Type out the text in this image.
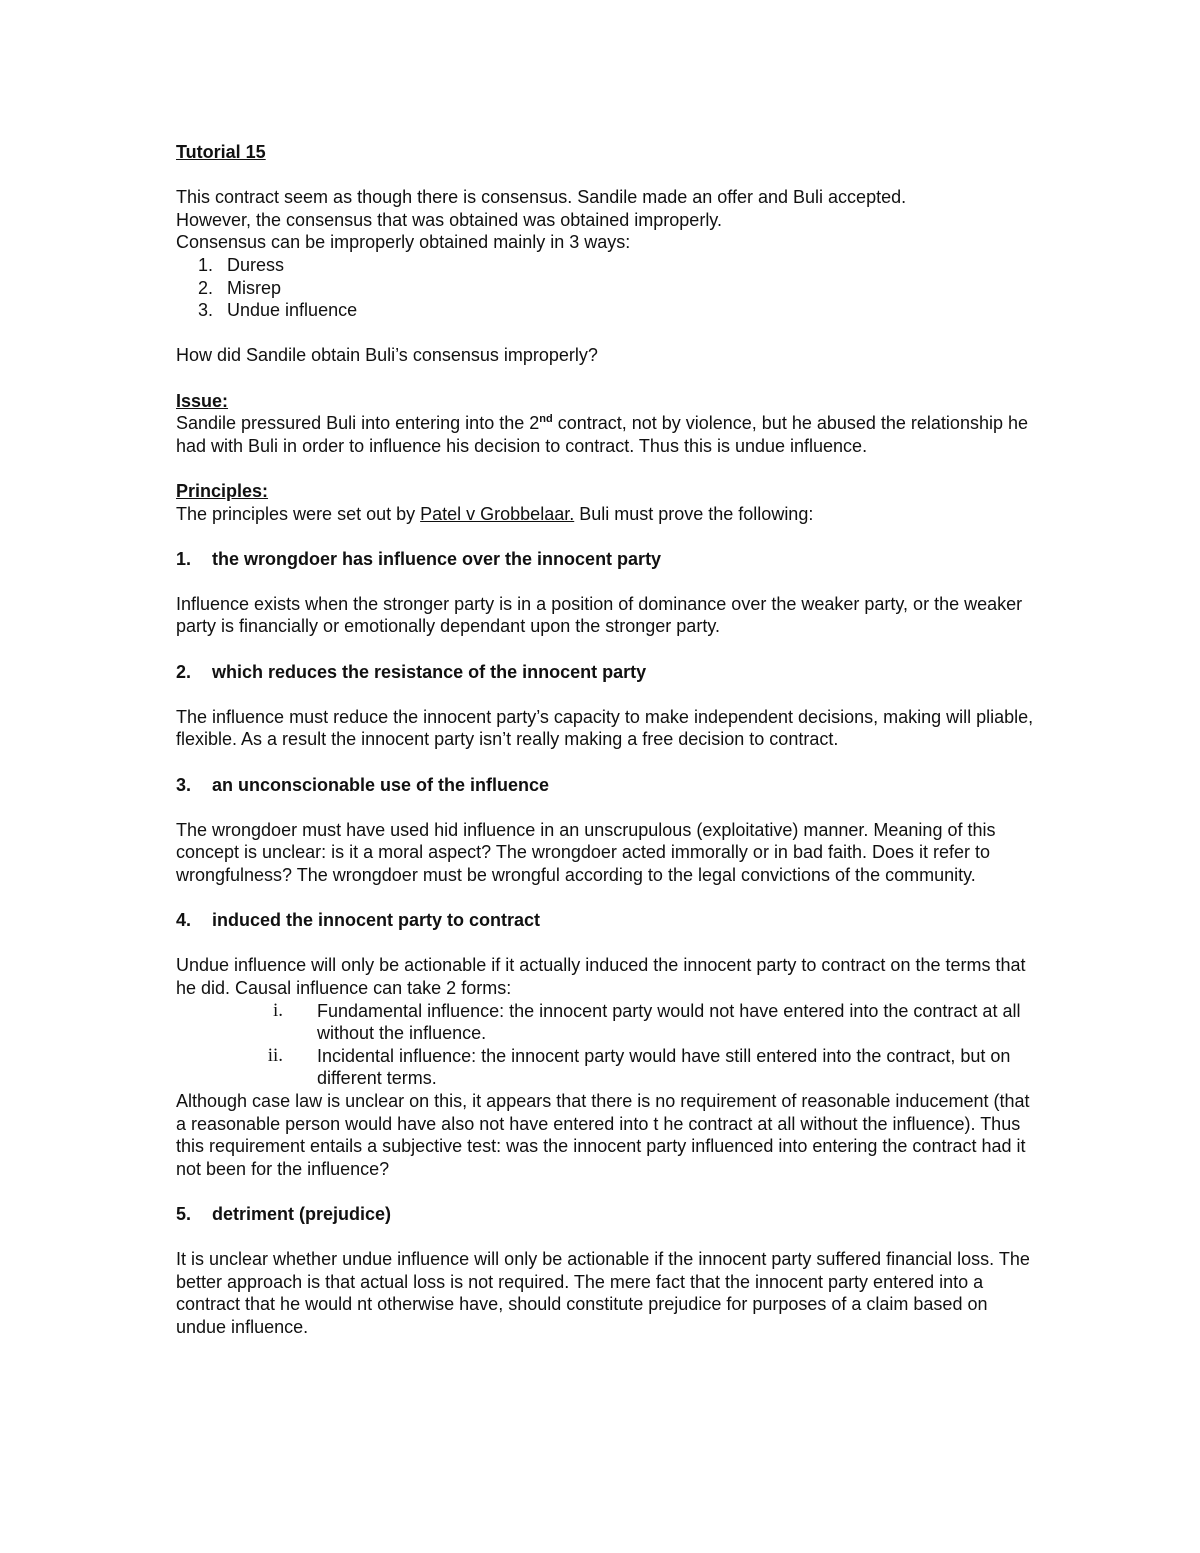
Tutorial 15

This contract seem as though there is consensus. Sandile made an offer and Buli accepted.

However, the consensus that was obtained was obtained improperly.

Consensus can be improperly obtained mainly in 3 ways:

1. Duress
2. Misrep
3. Undue influence

How did Sandile obtain Buli’s consensus improperly?

Issue:

Sandile pressured Buli into entering into the 2nd contract, not by violence, but he abused the relationship he had with Buli in order to influence his decision to contract. Thus this is undue influence.

Principles:

The principles were set out by Patel v Grobbelaar. Buli must prove the following:

1.	the wrongdoer has influence over the innocent party

Influence exists when the stronger party is in a position of dominance over the weaker party, or the weaker party is financially or emotionally dependant upon the stronger party.

2.	which reduces the resistance of the innocent party

The influence must reduce the innocent party’s capacity to make independent decisions, making will pliable, flexible. As a result the innocent party isn’t really making a free decision to contract.

3.	an unconscionable use of the influence

The wrongdoer must have used hid influence in an unscrupulous (exploitative) manner. Meaning of this concept is unclear: is it a moral aspect? The wrongdoer acted immorally or in bad faith. Does it refer to wrongfulness? The wrongdoer must be wrongful according to the legal convictions of the community.

4.	induced the innocent party to contract

Undue influence will only be actionable if it actually induced the innocent party to contract on the terms that he did. Causal influence can take 2 forms:

i.	Fundamental influence: the innocent party would not have entered into the contract at all without the influence.
ii.	Incidental influence: the innocent party would have still entered into the contract, but on different terms.

Although case law is unclear on this, it appears that there is no requirement of reasonable inducement (that a reasonable person would have also not have entered into t he contract at all without the influence). Thus this requirement entails a subjective test: was the innocent party influenced into entering the contract had it not been for the influence?

5.	detriment (prejudice)

It is unclear whether undue influence will only be actionable if the innocent party suffered financial loss. The better approach is that actual loss is not required. The mere fact that the innocent party entered into a contract that he would nt otherwise have, should constitute prejudice for purposes of a claim based on undue influence.
